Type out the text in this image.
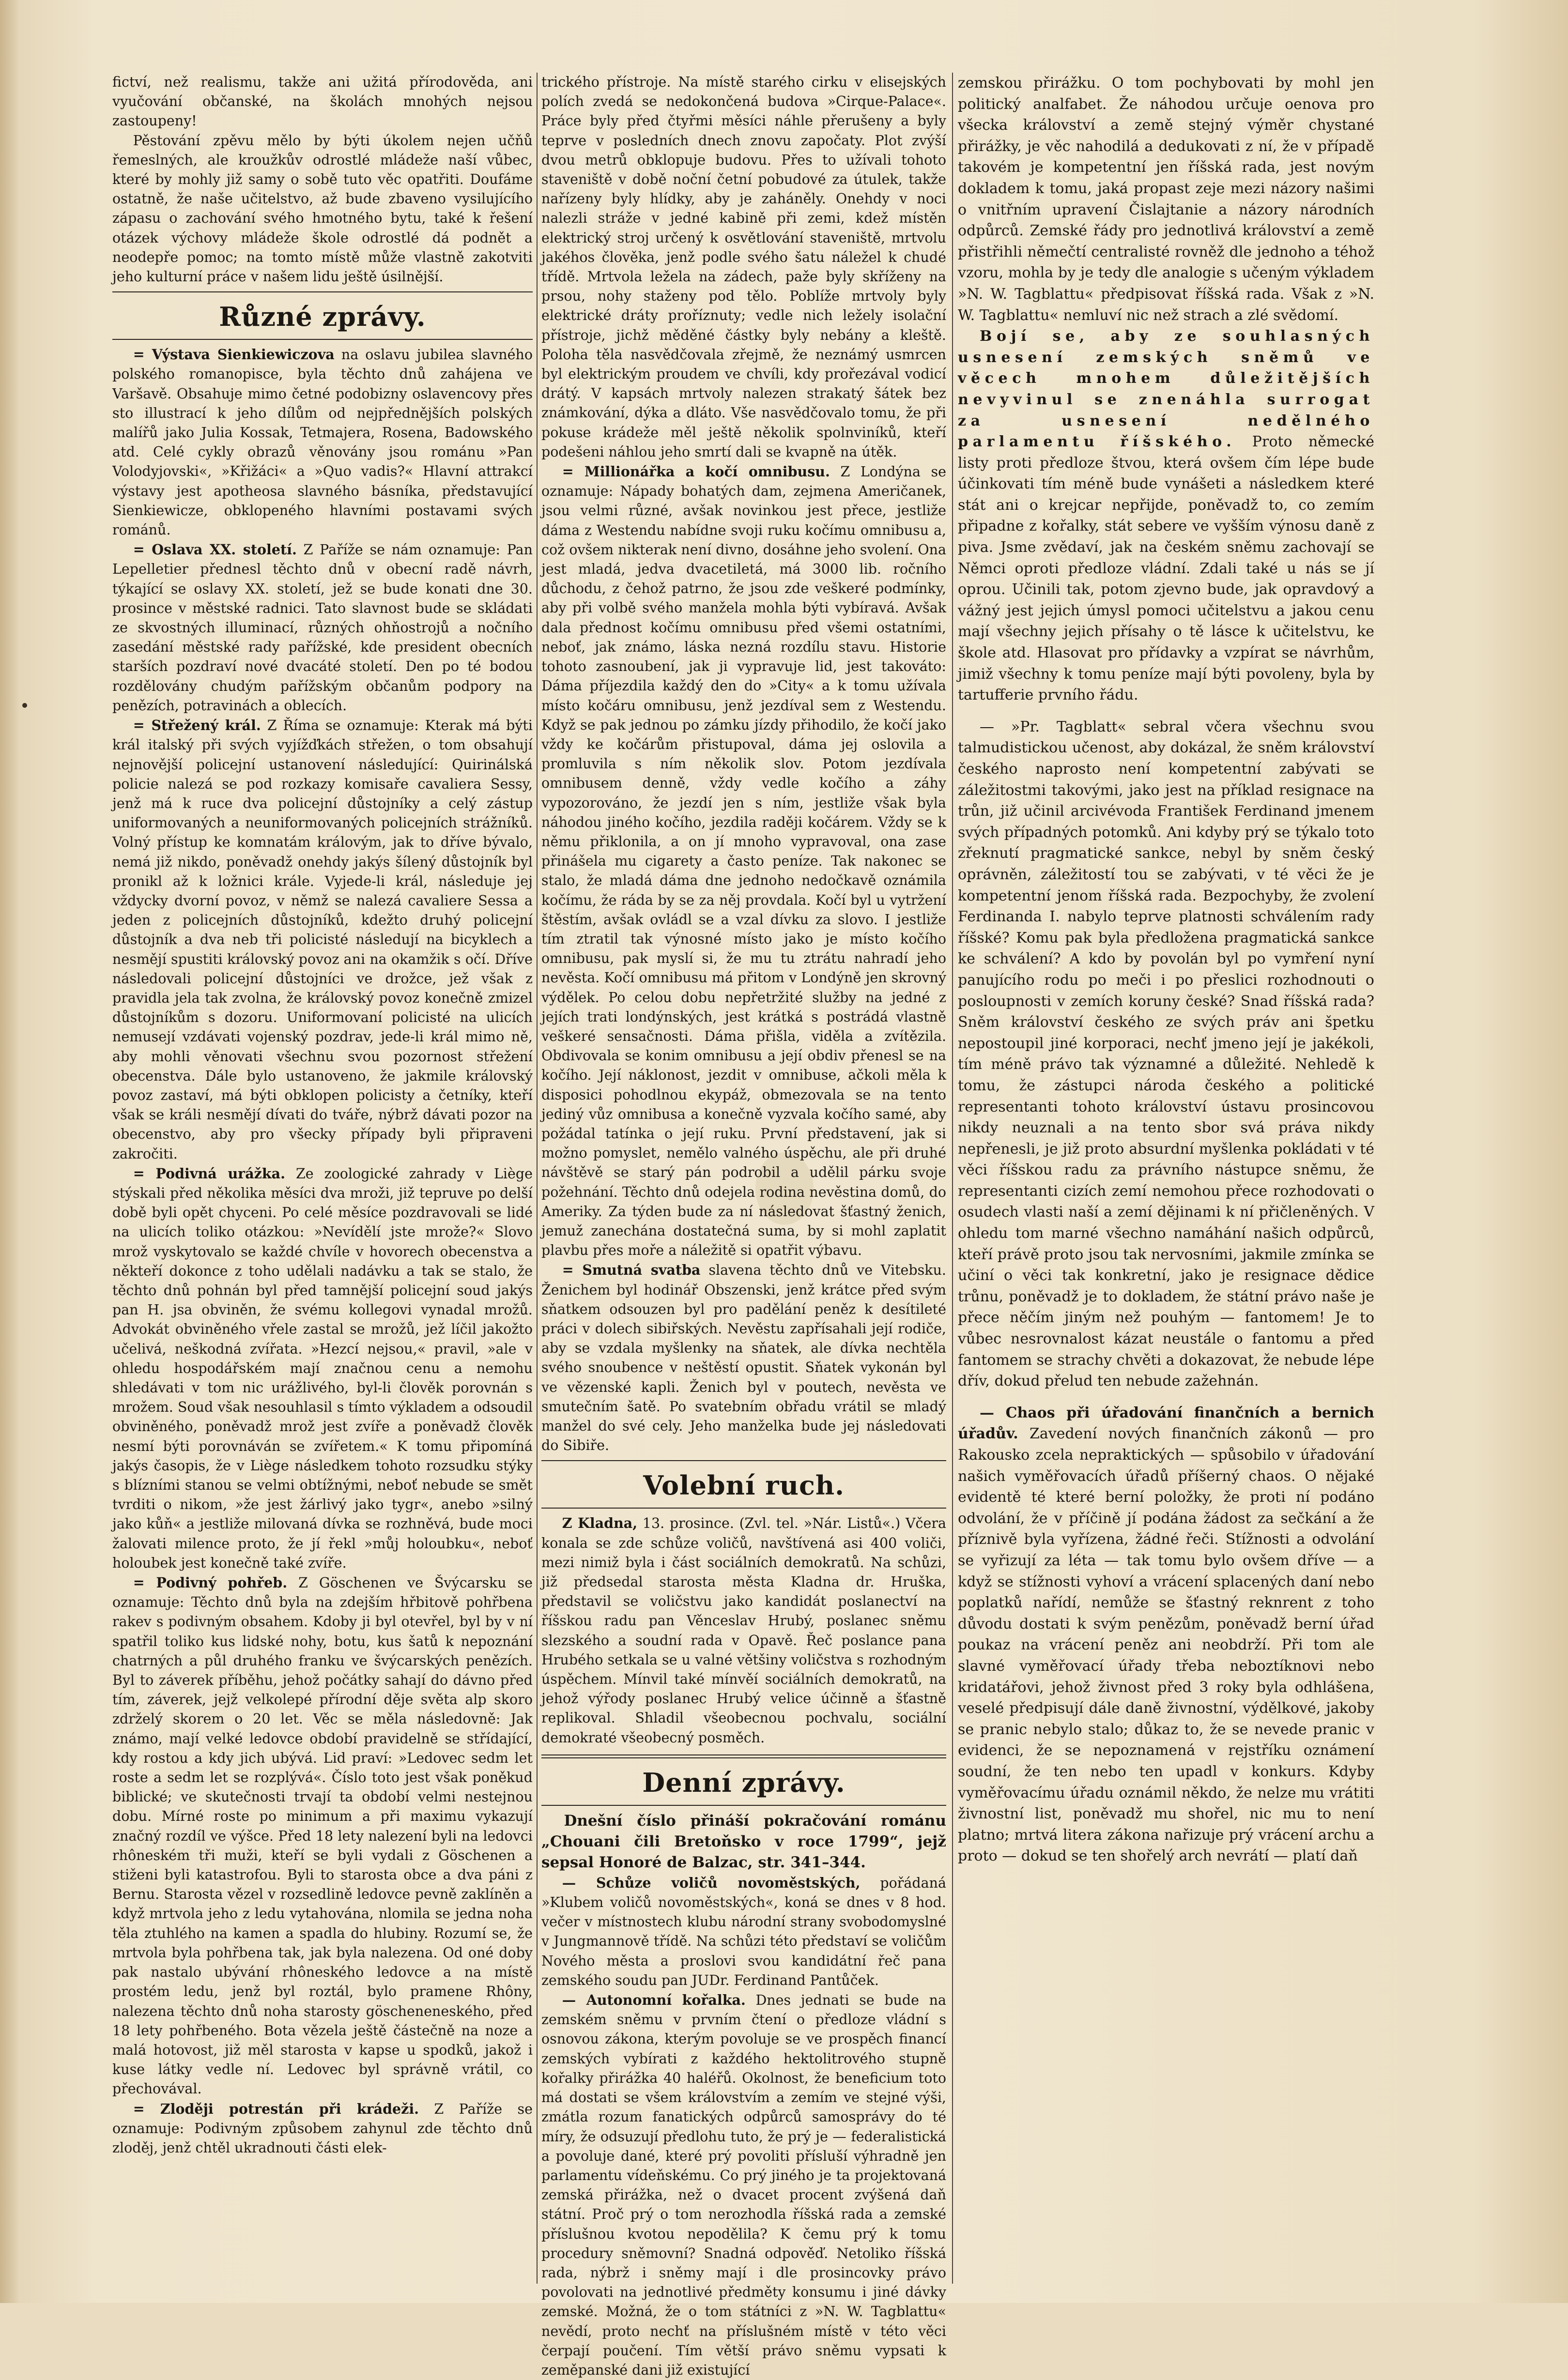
fictví, než realismu, takže ani užitá přírodověda, ani vyučování občanské, na školách mnohých nejsou zastoupeny!

Pěstování zpěvu mělo by býti úkolem nejen učňů řemeslných, ale kroužkův odrostlé mládeže naší vůbec, které by mohly již samy o sobě tuto věc opatřiti. Doufáme ostatně, že naše učitelstvo, až bude zbaveno vysilujícího zápasu o zachování svého hmotného bytu, také k řešení otázek výchovy mládeže škole odrostlé dá podnět a neodepře pomoc; na tomto místě může vlastně zakotviti jeho kulturní práce v našem lidu ještě úsilnější.

Různé zprávy.

= Výstava Sienkiewiczova na oslavu jubilea slavného polského romanopisce, byla těchto dnů zahájena ve Varšavě. Obsahuje mimo četné podobizny oslavencovy přes sto illustrací k jeho dílům od nejpřednějších polských malířů jako Julia Kossak, Tetmajera, Rosena, Badowského atd. Celé cykly obrazů věnovány jsou románu »Pan Volodyjovski«, »Křižáci« a »Quo vadis?« Hlavní attrakcí výstavy jest apotheosa slavného básníka, představující Sienkiewicze, obklopeného hlavními postavami svých románů.

= Oslava XX. století. Z Paříže se nám oznamuje: Pan Lepelletier přednesl těchto dnů v obecní radě návrh, týkající se oslavy XX. století, jež se bude konati dne 30. prosince v městské radnici. Tato slavnost bude se skládati ze skvostných illuminací, různých ohňostrojů a nočního zasedání městské rady pařížské, kde president obecních starších pozdraví nové dvacáté století. Den po té bodou rozdělovány chudým pařížským občanům podpory na penězích, potravinách a oblecích.

= Střežený král. Z Říma se oznamuje: Kterak má býti král italský při svých vyjížďkách střežen, o tom obsahují nejnovější policejní ustanovení následující: Quirinálská policie nalezá se pod rozkazy komisaře cavaliera Sessy, jenž má k ruce dva policejní důstojníky a celý zástup uniformovaných a neuniformovaných policejních strážníků. Volný přístup ke komnatám královým, jak to dříve bývalo, nemá již nikdo, poněvadž onehdy jakýs šílený důstojník byl pronikl až k ložnici krále. Vyjede-li král, následuje jej vždycky dvorní povoz, v němž se nalezá cavaliere Sessa a jeden z policejních důstojníků, kdežto druhý policejní důstojník a dva neb tři policisté následují na bicyklech a nesmějí spustiti královský povoz ani na okamžik s očí. Dříve následovali policejní důstojníci ve drožce, jež však z pravidla jela tak zvolna, že královský povoz konečně zmizel důstojníkům s dozoru. Uniformovaní policisté na ulicích nemusejí vzdávati vojenský pozdrav, jede-li král mimo ně, aby mohli věnovati všechnu svou pozornost střežení obecenstva. Dále bylo ustanoveno, že jakmile královský povoz zastaví, má býti obklopen policisty a četníky, kteří však se králi nesmějí dívati do tváře, nýbrž dávati pozor na obecenstvo, aby pro všecky případy byli připraveni zakročiti.

= Podivná urážka. Ze zoologické zahrady v Liège stýskali před několika měsíci dva mroži, již tepruve po delší době byli opět chyceni. Po celé měsíce pozdravovali se lidé na ulicích toliko otázkou: »Nevídělí jste mrože?« Slovo mrož vyskytovalo se každé chvíle v hovorech obecenstva a někteří dokonce z toho udělali nadávku a tak se stalo, že těchto dnů pohnán byl před tamnější policejní soud jakýs pan H. jsa obviněn, že svému kollegovi vynadal mrožů. Advokát obviněného vřele zastal se mrožů, jež líčil jakožto učelivá, neškodná zvířata. »Hezcí nejsou,« pravil, »ale v ohledu hospodářském mají značnou cenu a nemohu shledávati v tom nic urážlivého, byl-li člověk porovnán s mrožem. Soud však nesouhlasil s tímto výkladem a odsoudil obviněného, poněvadž mrož jest zvíře a poněvadž člověk nesmí býti porovnáván se zvířetem.« K tomu připomíná jakýs časopis, že v Liège následkem tohoto rozsudku stýky s blízními stanou se velmi obtížnými, neboť nebude se smět tvrditi o nikom, »že jest žárlivý jako tygr«, anebo »silný jako kůň« a jestliže milovaná dívka se rozhněvá, bude moci žalovati milence proto, že jí řekl »můj holoubku«, neboť holoubek jest konečně také zvíře.

= Podivný pohřeb. Z Göschenen ve Švýcarsku se oznamuje: Těchto dnů byla na zdejším hřbitově pohřbena rakev s podivným obsahem. Kdoby ji byl otevřel, byl by v ní spatřil toliko kus lidské nohy, botu, kus šatů k nepoznání chatrných a půl druhého franku ve švýcarských penězích. Byl to záverek příběhu, jehož počátky sahají do dávno před tím, záverek, jejž velkolepé přírodní děje světa alp skoro zdrželý skorem o 20 let. Věc se měla následovně: Jak známo, mají velké ledovce období pravidelně se střídající, kdy rostou a kdy jich ubývá. Lid praví: »Ledovec sedm let roste a sedm let se rozplývá«. Číslo toto jest však poněkud biblické; ve skutečnosti trvají ta období velmi nestejnou dobu. Mírné roste po minimum a při maximu vykazují značný rozdíl ve výšce. Před 18 lety nalezení byli na ledovci rhôneském tři muži, kteří se byli vydali z Göschenen a stiženi byli katastrofou. Byli to starosta obce a dva páni z Bernu. Starosta vězel v rozsedlině ledovce pevně zaklíněn a když mrtvola jeho z ledu vytahována, nlomila se jedna noha těla ztuhlého na kamen a spadla do hlubiny. Rozumí se, že mrtvola byla pohřbena tak, jak byla nalezena. Od oné doby pak nastalo ubývání rhôneského ledovce a na místě prostém ledu, jenž byl roztál, bylo pramene Rhôny, nalezena těchto dnů noha starosty göscheneneského, před 18 lety pohřbeného. Bota vězela ještě částečně na noze a malá hotovost, již měl starosta v kapse u spodků, jakož i kuse látky vedle ní. Ledovec byl správně vrátil, co přechovával.

= Zloději potrestán při krádeži. Z Paříže se oznamuje: Podivným způsobem zahynul zde těchto dnů zloděj, jenž chtěl ukradnouti části elek-

trického přístroje. Na místě starého cirku v elisejských polích zvedá se nedokončená budova »Cirque-Palace«. Práce byly před čtyřmi měsíci náhle přerušeny a byly teprve v posledních dnech znovu započaty. Plot zvýší dvou metrů obklopuje budovu. Přes to užívali tohoto staveniště v době noční četní pobudové za útulek, takže nařízeny byly hlídky, aby je zaháněly. Onehdy v noci nalezli stráže v jedné kabině při zemi, kdež místěn elektrický stroj určený k osvětlování staveniště, mrtvolu jakéhos člověka, jenž podle svého šatu náležel k chudé třídě. Mrtvola ležela na zádech, paže byly skříženy na prsou, nohy staženy pod tělo. Poblíže mrtvoly byly elektrické dráty proříznuty; vedle nich ležely isolační přístroje, jichž měděné částky byly nebány a kleště. Poloha těla nasvědčovala zřejmě, že neznámý usmrcen byl elektrickým proudem ve chvíli, kdy prořezával vodicí drátý. V kapsách mrtvoly nalezen strakatý šátek bez známkování, dýka a dláto. Vše nasvědčovalo tomu, že při pokuse krádeže měl ještě několik spolnviníků, kteří podešeni náhlou jeho smrtí dali se kvapně na útěk.

= Millionářka a kočí omnibusu. Z Londýna se oznamuje: Nápady bohatých dam, zejmena Američanek, jsou velmi různé, avšak novinkou jest přece, jestliže dáma z Westendu nabídne svoji ruku kočímu omnibusu a, což ovšem nikterak není divno, dosáhne jeho svolení. Ona jest mladá, jedva dvacetiletá, má 3000 lib. ročního důchodu, z čehož patrno, že jsou zde veškeré podmínky, aby při volbě svého manžela mohla býti vybíravá. Avšak dala přednost kočímu omnibusu před všemi ostatními, neboť, jak známo, láska nezná rozdílu stavu. Historie tohoto zasnoubení, jak ji vypravuje lid, jest takováto: Dáma příjezdila každý den do »City« a k tomu užívala místo kočáru omnibusu, jenž jezdíval sem z Westendu. Když se pak jednou po zámku jízdy přihodilo, že kočí jako vždy ke kočárům přistupoval, dáma jej oslovila a promluvila s ním několik slov. Potom jezdívala omnibusem denně, vždy vedle kočího a záhy vypozorováno, že jezdí jen s ním, jestliže však byla náhodou jiného kočího, jezdila raději kočárem. Vždy se k němu přiklonila, a on jí mnoho vypravoval, ona zase přinášela mu cigarety a často peníze. Tak nakonec se stalo, že mladá dáma dne jednoho nedočkavě oznámila kočímu, že ráda by se za něj provdala. Kočí byl u vytržení štěstím, avšak ovládl se a vzal dívku za slovo. I jestliže tím ztratil tak výnosné místo jako je místo kočího omnibusu, pak myslí si, že mu tu ztrátu nahradí jeho nevěsta. Kočí omnibusu má přitom v Londýně jen skrovný výdělek. Po celou dobu nepřetržité služby na jedné z jejích trati londýnských, jest krátká s postrádá vlastně veškeré sensačnosti. Dáma přišla, viděla a zvítězila. Obdivovala se konim omnibusu a její obdiv přenesl se na kočího. Její náklonost, jezdit v omnibuse, ačkoli měla k disposici pohodlnou ekypáž, obmezovala se na tento jediný vůz omnibusa a konečně vyzvala kočího samé, aby požádal tatínka o její ruku. První představení, jak si možno pomyslet, nemělo valného úspěchu, ale při druhé návštěvě se starý pán podrobil a udělil párku svoje požehnání. Těchto dnů odejela rodina nevěstina domů, do Ameriky. Za týden bude za ní následovat šťastný ženich, jemuž zanechána dostatečná suma, by si mohl zaplatit plavbu přes moře a náležitě si opatřit výbavu.

= Smutná svatba slavena těchto dnů ve Vitebsku. Ženichem byl hodinář Obszenski, jenž krátce před svým sňatkem odsouzen byl pro padělání peněz k desítileté práci v dolech sibiřských. Nevěstu zapřísahali její rodiče, aby se vzdala myšlenky na sňatek, ale dívka nechtěla svého snoubence v neštěstí opustit. Sňatek vykonán byl ve vězenské kapli. Ženich byl v poutech, nevěsta ve smutečním šatě. Po svatebním obřadu vrátil se mladý manžel do své cely. Jeho manželka bude jej následovati do Sibiře.

Volební ruch.

Z Kladna, 13. prosince. (Zvl. tel. »Nár. Listů«.) Včera konala se zde schůze voličů, navštívená asi 400 voliči, mezi nimiž byla i část sociálních demokratů. Na schůzi, již předsedal starosta města Kladna dr. Hruška, představil se voličstvu jako kandidát poslanectví na říšskou radu pan Věnceslav Hrubý, poslanec sněmu slezského a soudní rada v Opavě. Řeč poslance pana Hrubého setkala se u valné většiny voličstva s rozhodným úspěchem. Mínvil také mínvěí sociálních demokratů, na jehož výřody poslanec Hrubý velice účinně a šťastně replikoval. Shladil všeobecnou pochvalu, sociální demokraté všeobecný posměch.

Denní zprávy.

Dnešní číslo přináší pokračování románu „Chouani čili Bretoňsko v roce 1799“, jejž sepsal Honoré de Balzac, str. 341–344.

— Schůze voličů novoměstských, pořádaná »Klubem voličů novoměstských«, koná se dnes v 8 hod. večer v místnostech klubu národní strany svobodomyslné v Jungmannově třídě. Na schůzi této představí se voličům Nového města a proslovi svou kandidátní řeč pana zemského soudu pan JUDr. Ferdinand Pantůček.

— Autonomní kořalka. Dnes jednati se bude na zemském sněmu v prvním čtení o předloze vládní s osnovou zákona, kterým povoluje se ve prospěch financí zemských vybírati z každého hektolitrového stupně kořalky přirážka 40 haléřů. Okolnost, že beneficium toto má dostati se všem královstvím a zemím ve stejné výši, zmátla rozum fanatických odpůrců samosprávy do té míry, že odsuzují předlohu tuto, že prý je — federalistická a povoluje dané, které prý povoliti přísluší výhradně jen parlamentu vídeňskému. Co prý jiného je ta projektovaná zemská přirážka, než o dvacet procent zvýšená daň státní. Proč prý o tom nerozhodla říšská rada a zemské příslušnou kvotou nepodělila? K čemu prý k tomu procedury sněmovní? Snadná odpověď. Netoliko říšská rada, nýbrž i sněmy mají i dle prosincovky právo povolovati na jednotlivé předměty konsumu i jiné dávky zemské. Možná, že o tom státníci z »N. W. Tagblattu« nevědí, proto nechť na příslušném místě v této věci čerpají poučení. Tím větší právo sněmu vypsati k zeměpanské dani již existující

zemskou přirážku. O tom pochybovati by mohl jen politický analfabet. Že náhodou určuje oenova pro všecka království a země stejný výměr chystané přirážky, je věc nahodilá a dedukovati z ní, že v případě takovém je kompetentní jen říšská rada, jest novým dokladem k tomu, jaká propast zeje mezi názory našimi o vnitřním upravení Čislajtanie a názory národních odpůrců. Zemské řády pro jednotlivá království a země přistřihli němečtí centralisté rovněž dle jednoho a téhož vzoru, mohla by je tedy dle analogie s učeným výkladem »N. W. Tagblattu« předpisovat říšská rada. Však z »N. W. Tagblattu« nemluví nic než strach a zlé svědomí.

Bojí se, aby ze souhlasných usnesení zemských sněmů ve věcech mnohem důležitějších nevyvinul se znenáhla surrogat za usnesení nedělného parlamentu říšského. Proto německé listy proti předloze štvou, která ovšem čím lépe bude účinkovati tím méně bude vynášeti a následkem které stát ani o krejcar nepřijde, poněvadž to, co zemím připadne z kořalky, stát sebere ve vyšším výnosu daně z piva. Jsme zvědaví, jak na českém sněmu zachovají se Němci oproti předloze vládní. Zdali také u nás se jí oprou. Učinili tak, potom zjevno bude, jak opravdový a vážný jest jejich úmysl pomoci učitelstvu a jakou cenu mají všechny jejich přísahy o tě lásce k učitelstvu, ke škole atd. Hlasovat pro přídavky a vzpírat se návrhům, jimiž všechny k tomu peníze mají býti povoleny, byla by tartufferie prvního řádu.

— »Pr. Tagblatt« sebral včera všechnu svou talmudistickou učenost, aby dokázal, že sněm království českého naprosto není kompetentní zabývati se záležitostmi takovými, jako jest na příklad resignace na trůn, již učinil arcivévoda František Ferdinand jmenem svých případných potomků. Ani kdyby prý se týkalo toto zřeknutí pragmatické sankce, nebyl by sněm český oprávněn, záležitostí tou se zabývati, v té věci že je kompetentní jenom říšská rada. Bezpochyby, že zvolení Ferdinanda I. nabylo teprve platnosti schválením rady říšské? Komu pak byla předložena pragmatická sankce ke schválení? A kdo by povolán byl po vymření nyní panujícího rodu po meči i po přeslici rozhodnouti o posloupnosti v zemích koruny české? Snad říšská rada? Sněm království českého ze svých práv ani špetku nepostoupil jiné korporaci, nechť jmeno její je jakékoli, tím méně právo tak významné a důležité. Nehledě k tomu, že zástupci národa českého a politické representanti tohoto království ústavu prosincovou nikdy neuznali a na tento sbor svá práva nikdy nepřenesli, je již proto absurdní myšlenka pokládati v té věci říšskou radu za právního nástupce sněmu, že representanti cizích zemí nemohou přece rozhodovati o osudech vlasti naší a zemí dějinami k ní přičleněných. V ohledu tom marné všechno namáhání našich odpůrců, kteří právě proto jsou tak nervosními, jakmile zmínka se učiní o věci tak konkretní, jako je resignace dědice trůnu, poněvadž je to dokladem, že státní právo naše je přece něčím jiným než pouhým — fantomem! Je to vůbec nesrovnalost kázat neustále o fantomu a před fantomem se strachy chvěti a dokazovat, že nebude lépe dřív, dokud přelud ten nebude zažehnán.

— Chaos při úřadování finančních a bernich úřadův. Zavedení nových finančních zákonů — pro Rakousko zcela nepraktických — spůsobilo v úřadování našich vyměřovacích úřadů příšerný chaos. O nějaké evidentě té které berní položky, že proti ní podáno odvolání, že v příčině jí podána žádost za sečkání a že příznivě byla vyřízena, žádné řeči. Stížnosti a odvolání se vyřizují za léta — tak tomu bylo ovšem dříve — a když se stížnosti vyhoví a vrácení splacených daní nebo poplatků nařídí, nemůže se šťastný reknrent z toho důvodu dostati k svým penězům, poněvadž berní úřad poukaz na vrácení peněz ani neobdrží. Při tom ale slavné vyměřovací úřady třeba neboztíknovi nebo kridatářovi, jehož živnost před 3 roky byla odhlášena, veselé předpisují dále daně živnostní, výdělkové, jakoby se pranic nebylo stalo; důkaz to, že se nevede pranic v evidenci, že se nepoznamená v rejstříku oznámení soudní, že ten nebo ten upadl v konkurs. Kdyby vyměřovacímu úřadu oznámil někdo, že nelze mu vrátiti živnostní list, poněvadž mu shořel, nic mu to není platno; mrtvá litera zákona nařizuje prý vrácení archu a proto — dokud se ten shořelý arch nevrátí — platí daň
